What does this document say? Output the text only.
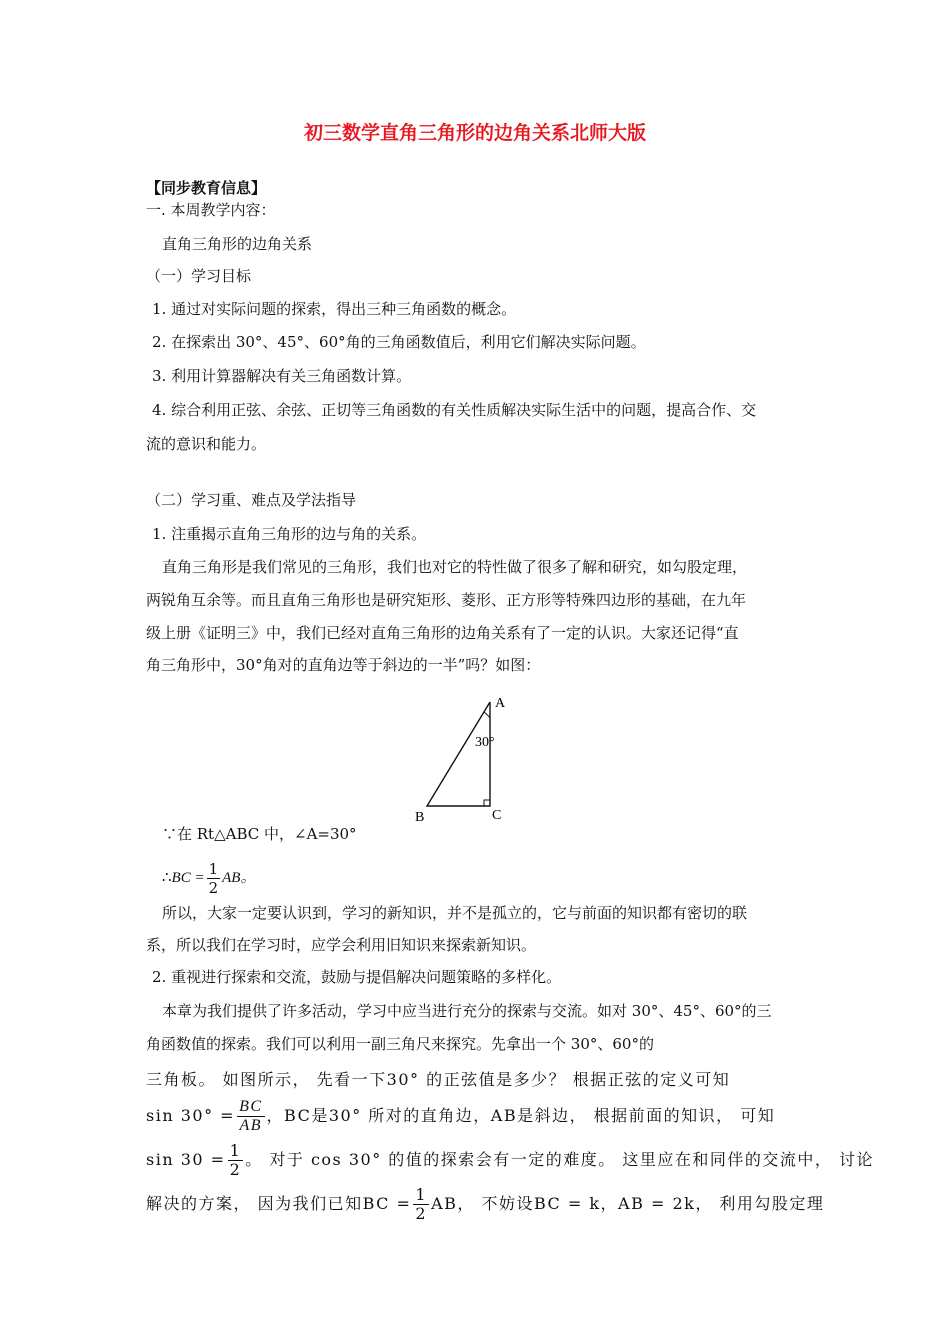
初三数学直角三角形的边角关系北师大版
【同步教育信息】
一. 本周教学内容：
直角三角形的边角关系
（一）学习目标
1. 通过对实际问题的探索，得出三种三角函数的概念。
2. 在探索出 30°、45°、60°角的三角函数值后，利用它们解决实际问题。
3. 利用计算器解决有关三角函数计算。
4. 综合利用正弦、余弦、正切等三角函数的有关性质解决实际生活中的问题，提高合作、交
流的意识和能力。
（二）学习重、难点及学法指导
1. 注重揭示直角三角形的边与角的关系。
直角三角形是我们常见的三角形，我们也对它的特性做了很多了解和研究，如勾股定理，
两锐角互余等。而且直角三角形也是研究矩形、菱形、正方形等特殊四边形的基础，在九年
级上册《证明三》中，我们已经对直角三角形的边角关系有了一定的认识。大家还记得“直
角三角形中，30°角对的直角边等于斜边的一半”吗？如图：
A
B	C
30°
∵在 Rt△ABC 中，∠A=30°
∴BC = $\frac{1}{2}$ AB。
所以，大家一定要认识到，学习的新知识，并不是孤立的，它与前面的知识都有密切的联
系，所以我们在学习时，应学会利用旧知识来探索新知识。
2. 重视进行探索和交流，鼓励与提倡解决问题策略的多样化。
本章为我们提供了许多活动，学习中应当进行充分的探索与交流。如对 30°、45°、60°的三
角函数值的探索。我们可以利用一副三角尺来探究。先拿出一个 30°、60°的
三角板。 如图所示， 先看一下30° 的正弦值是多少？ 根据正弦的定义可知
$\sin 30^\circ = \frac{BC}{AB}$ ，BC是30° 所对的直角边，AB是斜边， 根据前面的知识， 可知
$\sin 30 = \frac{1}{2}$ 。 对于 cos 30° 的值的探索会有一定的难度。 这里应在和同伴的交流中， 讨论
解决的方案， 因为我们已知BC = $\frac{1}{2}$ AB， 不妨设BC = k，AB = 2k， 利用勾股定理
